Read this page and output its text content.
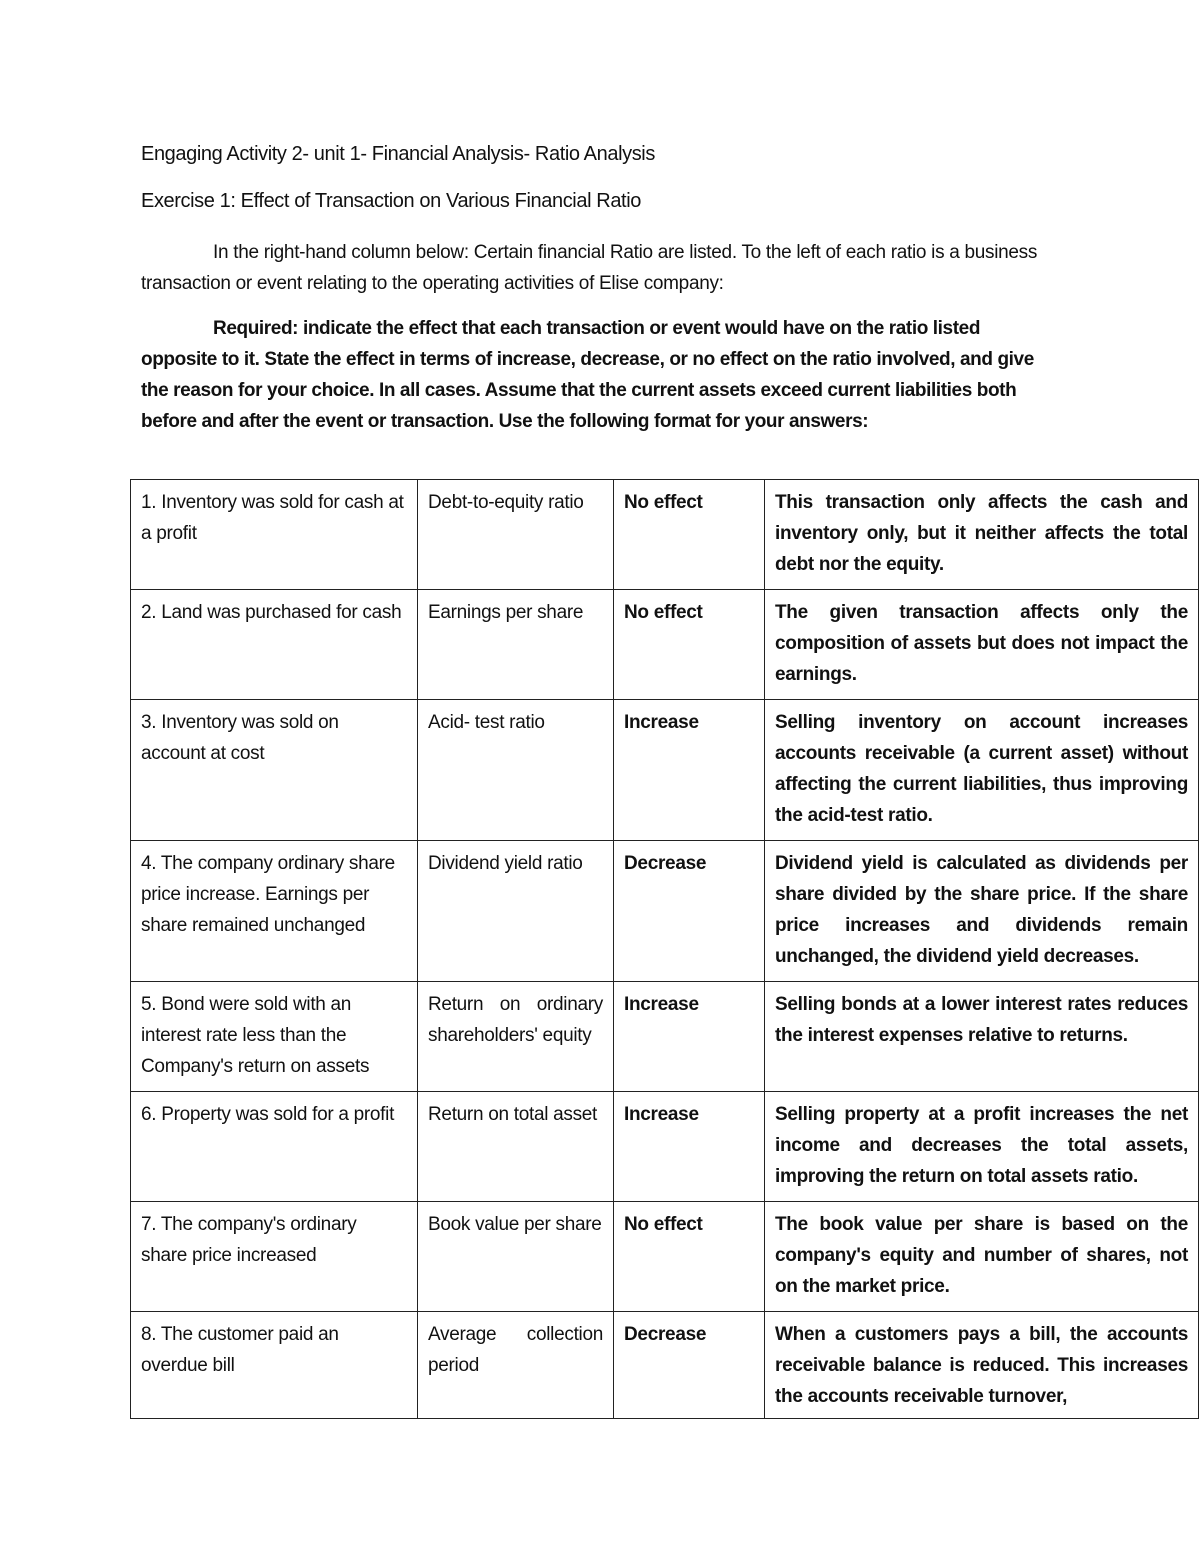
Engaging Activity 2- unit 1- Financial Analysis- Ratio Analysis
Exercise 1: Effect of Transaction on Various Financial Ratio
In the right-hand column below: Certain financial Ratio are listed. To the left of each ratio is a business transaction or event relating to the operating activities of Elise company:
Required: indicate the effect that each transaction or event would have on the ratio listed opposite to it. State the effect in terms of increase, decrease, or no effect on the ratio involved, and give the reason for your choice. In all cases. Assume that the current assets exceed current liabilities both before and after the event or transaction. Use the following format for your answers:
1. Inventory was sold for cash at a profit	Debt-to-equity ratio	No effect	This transaction only affects the cash and inventory only, but it neither affects the total debt nor the equity.
2. Land was purchased for cash	Earnings per share	No effect	The given transaction affects only the composition of assets but does not impact the earnings.
3. Inventory was sold on account at cost	Acid- test ratio	Increase	Selling inventory on account increases accounts receivable (a current asset) without affecting the current liabilities, thus improving the acid-test ratio.
4. The company ordinary share price increase. Earnings per share remained unchanged	Dividend yield ratio	Decrease	Dividend yield is calculated as dividends per share divided by the share price. If the share price increases and dividends remain unchanged, the dividend yield decreases.
5. Bond were sold with an interest rate less than the Company's return on assets	Return on ordinary shareholders' equity	Increase	Selling bonds at a lower interest rates reduces the interest expenses relative to returns.
6. Property was sold for a profit	Return on total asset	Increase	Selling property at a profit increases the net income and decreases the total assets, improving the return on total assets ratio.
7. The company's ordinary share price increased	Book value per share	No effect	The book value per share is based on the company's equity and number of shares, not on the market price.
8. The customer paid an overdue bill	Average collection period	Decrease	When a customers pays a bill, the accounts receivable balance is reduced. This increases the accounts receivable turnover,
